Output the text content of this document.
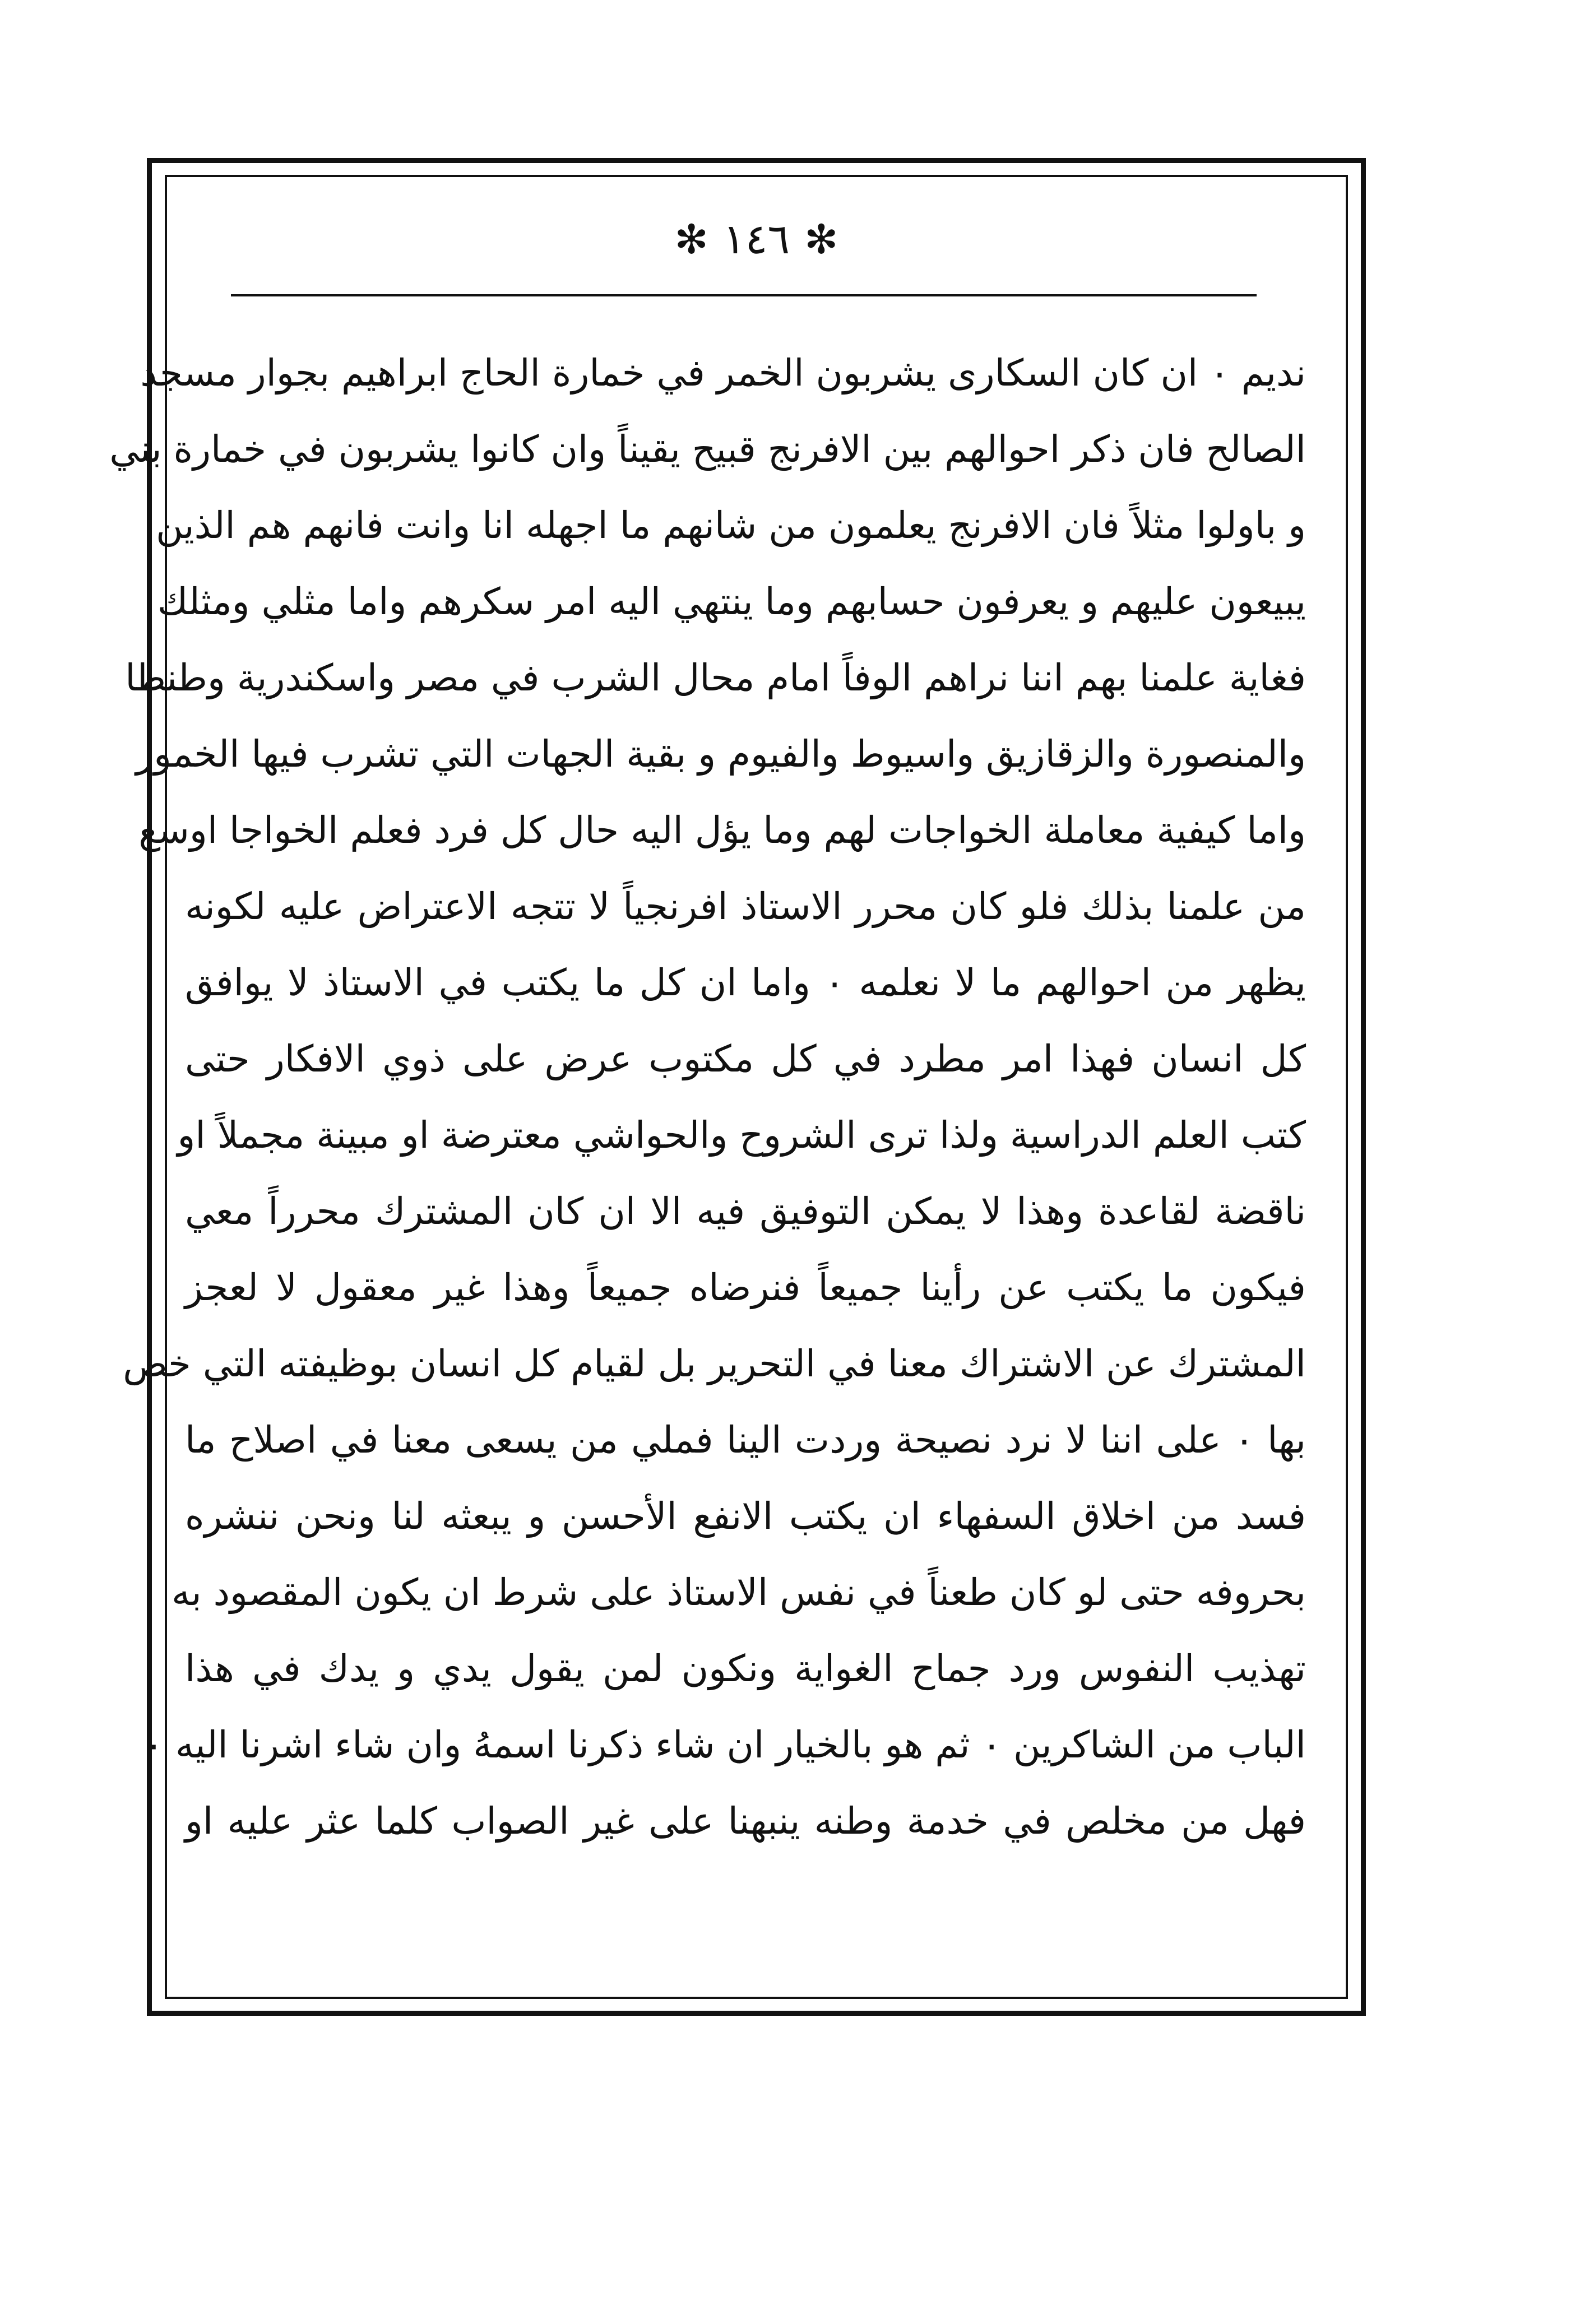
✻ ١٤٦ ✻
نديم ٠ ان كان السكارى يشربون الخمر في خمارة الحاج ابراهيم بجوار مسجد
الصالح فان ذكر احوالهم بين الافرنج قبيح يقيناً وان كانوا يشربون في خمارة بني
و باولوا مثلاً فان الافرنج يعلمون من شانهم ما اجهله انا وانت فانهم هم الذين
يبيعون عليهم و يعرفون حسابهم وما ينتهي اليه امر سكرهم واما مثلي ومثلك
فغاية علمنا بهم اننا نراهم الوفاً امام محال الشرب في مصر واسكندرية وطنطا
والمنصورة والزقازيق واسيوط والفيوم و بقية الجهات التي تشرب فيها الخمور
واما كيفية معاملة الخواجات لهم وما يؤل اليه حال كل فرد فعلم الخواجا اوسع
من علمنا بذلك فلو كان محرر الاستاذ افرنجياً لا تتجه الاعتراض عليه لكونه
يظهر من احوالهم ما لا نعلمه ٠ واما ان كل ما يكتب في الاستاذ لا يوافق
كل انسان فهذا امر مطرد في كل مكتوب عرض على ذوي الافكار حتى
كتب العلم الدراسية ولذا ترى الشروح والحواشي معترضة او مبينة مجملاً او
ناقضة لقاعدة وهذا لا يمكن التوفيق فيه الا ان كان المشترك محرراً معي
فيكون ما يكتب عن رأينا جميعاً فنرضاه جميعاً وهذا غير معقول لا لعجز
المشترك عن الاشتراك معنا في التحرير بل لقيام كل انسان بوظيفته التي خص
بها ٠ على اننا لا نرد نصيحة وردت الينا فملي من يسعى معنا في اصلاح ما
فسد من اخلاق السفهاء ان يكتب الانفع الأحسن و يبعثه لنا ونحن ننشره
بحروفه حتى لو كان طعناً في نفس الاستاذ على شرط ان يكون المقصود به
تهذيب النفوس ورد جماح الغواية ونكون لمن يقول يدي و يدك في هذا
الباب من الشاكرين ٠ ثم هو بالخيار ان شاء ذكرنا اسمهُ وان شاء اشرنا اليه ٠
فهل من مخلص في خدمة وطنه ينبهنا على غير الصواب كلما عثر عليه او
